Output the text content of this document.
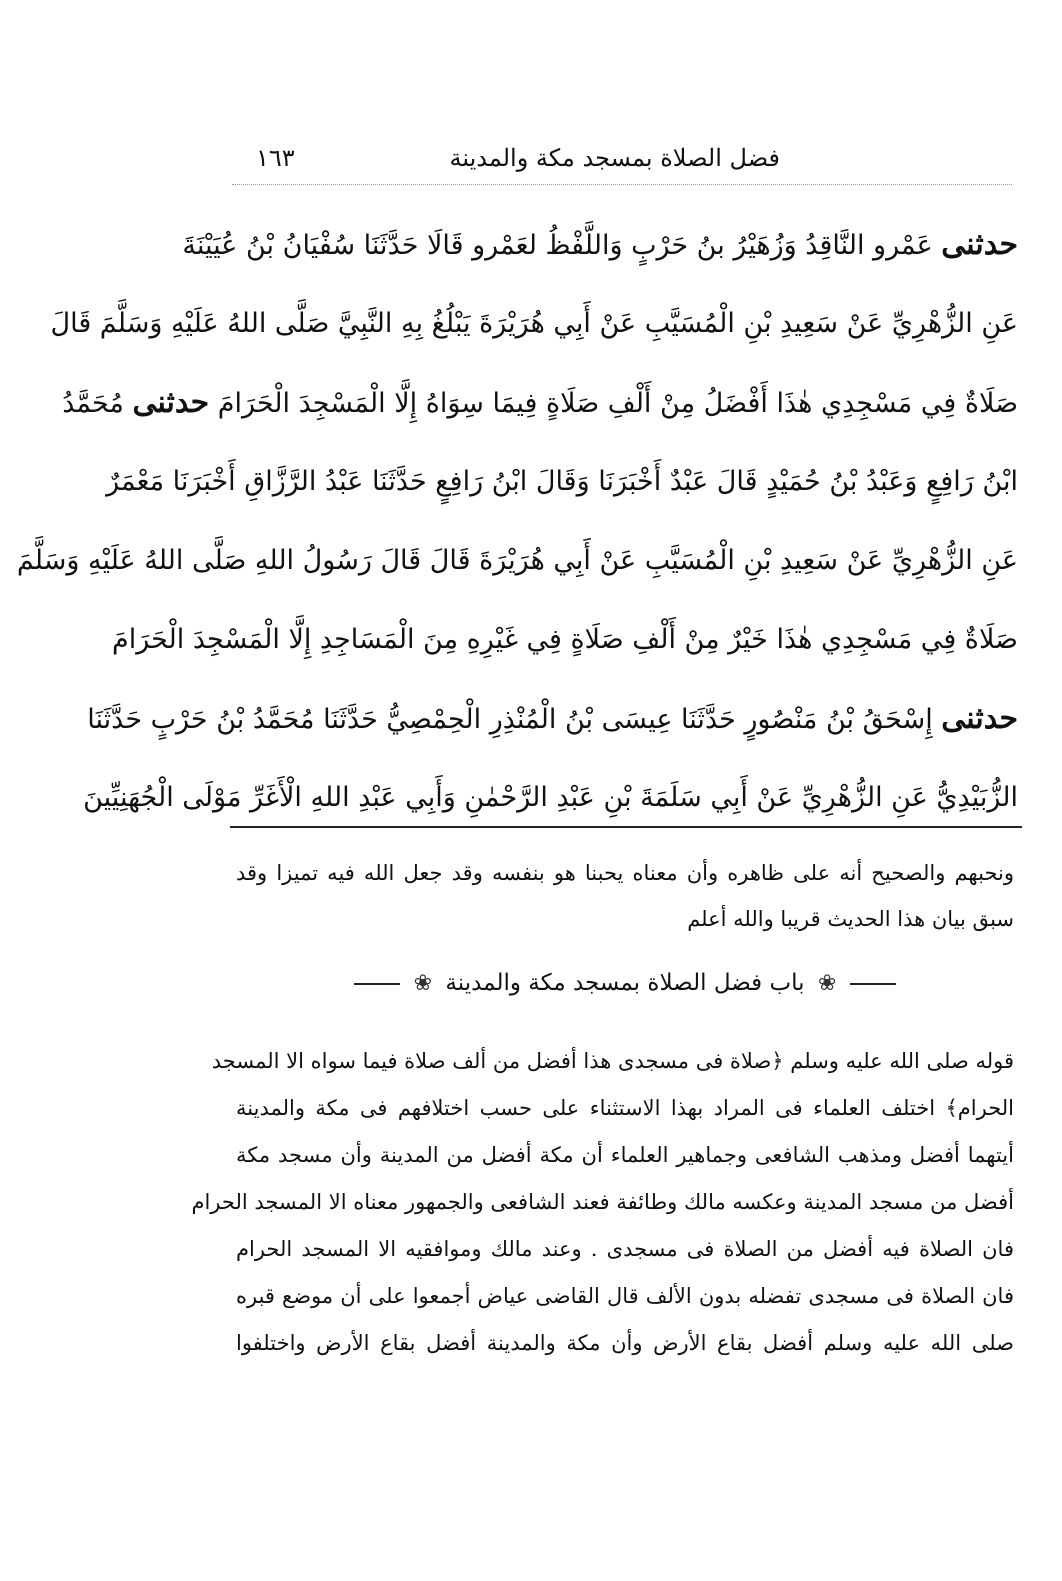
فضل الصلاة بمسجد مكة والمدينة
١٦٣
حدثنى عَمْرو النَّاقِدُ وَزُهَيْرُ بنُ حَرْبٍ وَاللَّفْظُ لعَمْرو قَالَا حَدَّثَنَا سُفْيَانُ بْنُ عُيَيْنَةَ
عَنِ الزُّهْرِيِّ عَنْ سَعِيدِ بْنِ الْمُسَيَّبِ عَنْ أَبِي هُرَيْرَةَ يَبْلُغُ بِهِ النَّبِيَّ صَلَّى اللهُ عَلَيْهِ وَسَلَّمَ قَالَ
صَلَاةٌ فِي مَسْجِدِي هٰذَا أَفْضَلُ مِنْ أَلْفِ صَلَاةٍ فِيمَا سِوَاهُ إِلَّا الْمَسْجِدَ الْحَرَامَ حدثنى مُحَمَّدُ
ابْنُ رَافِعٍ وَعَبْدُ بْنُ حُمَيْدٍ قَالَ عَبْدٌ أَخْبَرَنَا وَقَالَ ابْنُ رَافِعٍ حَدَّثَنَا عَبْدُ الرَّزَّاقِ أَخْبَرَنَا مَعْمَرٌ
عَنِ الزُّهْرِيِّ عَنْ سَعِيدِ بْنِ الْمُسَيَّبِ عَنْ أَبِي هُرَيْرَةَ قَالَ قَالَ رَسُولُ اللهِ صَلَّى اللهُ عَلَيْهِ وَسَلَّمَ
صَلَاةٌ فِي مَسْجِدِي هٰذَا خَيْرٌ مِنْ أَلْفِ صَلَاةٍ فِي غَيْرِهِ مِنَ الْمَسَاجِدِ إِلَّا الْمَسْجِدَ الْحَرَامَ
حدثنى إِسْحَقُ بْنُ مَنْصُورٍ حَدَّثَنَا عِيسَى بْنُ الْمُنْذِرِ الْحِمْصِيُّ حَدَّثَنَا مُحَمَّدُ بْنُ حَرْبٍ حَدَّثَنَا
الزُّبَيْدِيُّ عَنِ الزُّهْرِيِّ عَنْ أَبِي سَلَمَةَ بْنِ عَبْدِ الرَّحْمٰنِ وَأَبِي عَبْدِ اللهِ الْأَغَرِّ مَوْلَى الْجُهَنِيِّينَ
ونحبهم والصحيح أنه على ظاهره وأن معناه يحبنا هو بنفسه وقد جعل الله فيه تميزا وقد سبق بيان هذا الحديث قريبا والله أعلم
❀ باب فضل الصلاة بمسجد مكة والمدينة ❀
قوله صلى الله عليه وسلم ﴿صلاة فى مسجدى هذا أفضل من ألف صلاة فيما سواه الا المسجد
الحرام﴾ اختلف العلماء فى المراد بهذا الاستثناء على حسب اختلافهم فى مكة والمدينة
أيتهما أفضل ومذهب الشافعى وجماهير العلماء أن مكة أفضل من المدينة وأن مسجد مكة
أفضل من مسجد المدينة وعكسه مالك وطائفة فعند الشافعى والجمهور معناه الا المسجد الحرام
فان الصلاة فيه أفضل من الصلاة فى مسجدى . وعند مالك وموافقيه الا المسجد الحرام
فان الصلاة فى مسجدى تفضله بدون الألف قال القاضى عياض أجمعوا على أن موضع قبره
صلى الله عليه وسلم أفضل بقاع الأرض وأن مكة والمدينة أفضل بقاع الأرض واختلفوا
